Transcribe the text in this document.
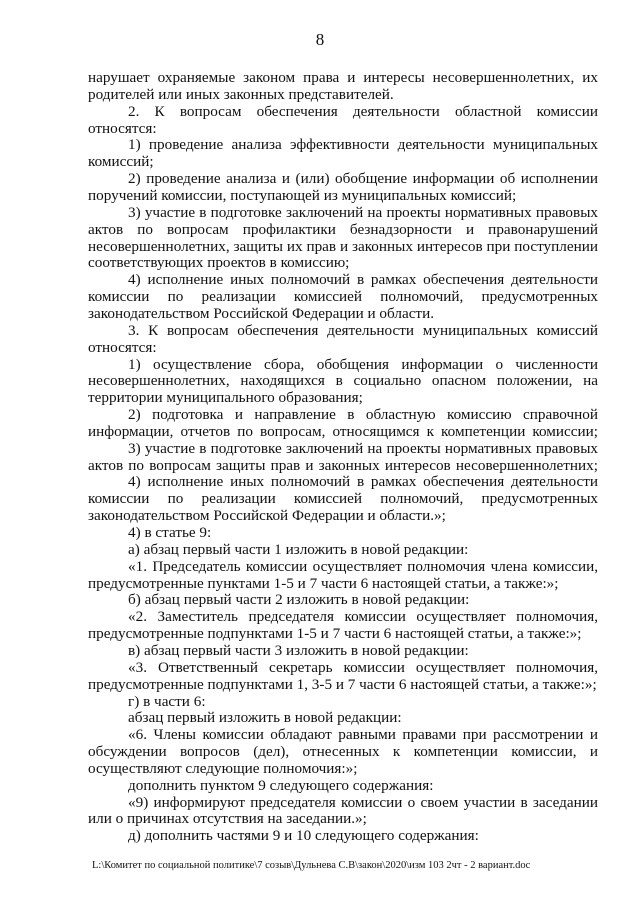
8
нарушает охраняемые законом права и интересы несовершеннолетних, их
родителей или иных законных представителей.
2. К вопросам обеспечения деятельности областной комиссии
относятся:
1) проведение анализа эффективности деятельности муниципальных
комиссий;
2) проведение анализа и (или) обобщение информации об исполнении
поручений комиссии, поступающей из муниципальных комиссий;
3) участие в подготовке заключений на проекты нормативных правовых
актов по вопросам профилактики безнадзорности и правонарушений
несовершеннолетних, защиты их прав и законных интересов при поступлении
соответствующих проектов в комиссию;
4) исполнение иных полномочий в рамках обеспечения деятельности
комиссии по реализации комиссией полномочий, предусмотренных
законодательством Российской Федерации и области.
3. К вопросам обеспечения деятельности муниципальных комиссий
относятся:
1) осуществление сбора, обобщения информации о численности
несовершеннолетних, находящихся в социально опасном положении, на
территории муниципального образования;
2) подготовка и направление в областную комиссию справочной
информации, отчетов по вопросам, относящимся к компетенции комиссии;
3) участие в подготовке заключений на проекты нормативных правовых
актов по вопросам защиты прав и законных интересов несовершеннолетних;
4) исполнение иных полномочий в рамках обеспечения деятельности
комиссии по реализации комиссией полномочий, предусмотренных
законодательством Российской Федерации и области.»;
4) в статье 9:
а) абзац первый части 1 изложить в новой редакции:
«1. Председатель комиссии осуществляет полномочия члена комиссии,
предусмотренные пунктами 1-5 и 7 части 6 настоящей статьи, а также:»;
б) абзац первый части 2 изложить в новой редакции:
«2. Заместитель председателя комиссии осуществляет полномочия,
предусмотренные подпунктами 1-5 и 7 части 6 настоящей статьи, а также:»;
в) абзац первый части 3 изложить в новой редакции:
«3. Ответственный секретарь комиссии осуществляет полномочия,
предусмотренные подпунктами 1, 3-5 и 7 части 6 настоящей статьи, а также:»;
г) в части 6:
абзац первый изложить в новой редакции:
«6. Члены комиссии обладают равными правами при рассмотрении и
обсуждении вопросов (дел), отнесенных к компетенции комиссии, и
осуществляют следующие полномочия:»;
дополнить пунктом 9 следующего содержания:
«9) информируют председателя комиссии о своем участии в заседании
или о причинах отсутствия на заседании.»;
д) дополнить частями 9 и 10 следующего содержания:
L:\Комитет по социальной политике\7 созыв\Дульнева С.В\закон\2020\изм 103 2чт - 2 вариант.doc
